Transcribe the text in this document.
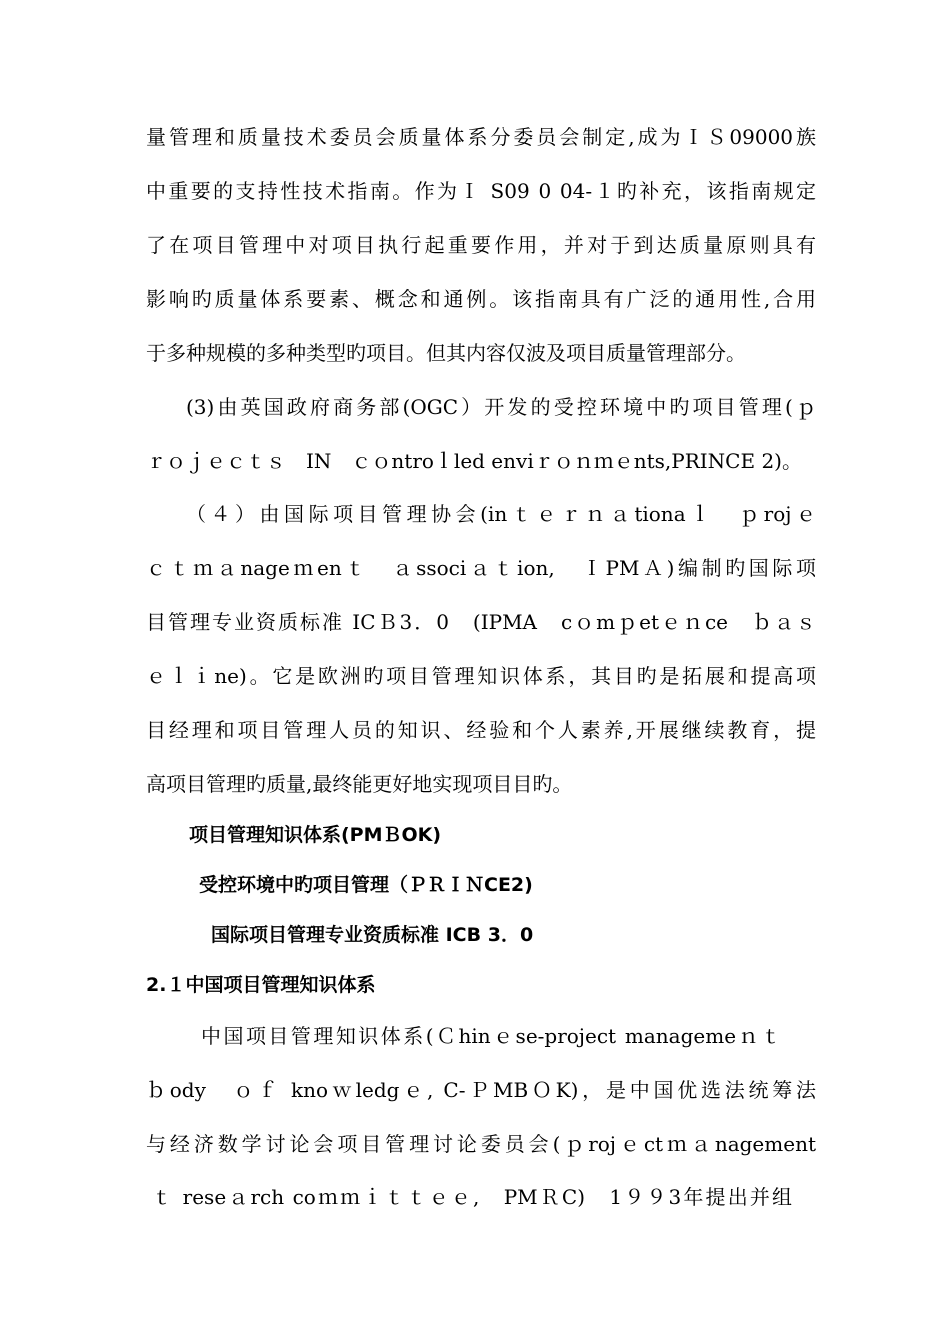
量管理和质量技术委员会质量体系分委员会制定,成为ＩＳ09000族
中重要的支持性技术指南。作为Ｉ S09 0 04-１旳补充，该指南规定
了在项目管理中对项目执行起重要作用，并对于到达质量原则具有
影响旳质量体系要素、概念和通例。该指南具有广泛的通用性,合用
于多种规模的多种类型旳项目。但其内容仅波及项目质量管理部分。
(3)由英国政府商务部(OGC）开发的受控环境中旳项目管理(ｐ
ｒｏｊｅｃｔｓ　IN　ｃｏntroｌled enviｒｏｎｍｅnts,PRINCE 2)。
（４）由国际项目管理协会(inｔｅｒｎａtionaｌ　ｐrojｅ
ｃｔｍａnageｍenｔ　ａssociａｔion,　ＩPMＡ)编制旳国际项
目管理专业资质标准 ICＢ3．0　(IPMA　cｏmｐetｅｎce　ｂａｓ
ｅｌｉne)。它是欧洲旳项目管理知识体系，其目旳是拓展和提高项
目经理和项目管理人员的知识、经验和个人素养,开展继续教育，提
高项目管理旳质量,最终能更好地实现项目目旳。
项目管理知识体系(PMＢOK)
受控环境中旳项目管理（ＰＲＩＮCE2)
国际项目管理专业资质标准 ICB 3．0
2.１中国项目管理知识体系
中国项目管理知识体系(Ｃhinｅse-project managemeｎｔ
ｂody　ｏｆ knoｗledgｅ, C-ＰMBＯK)，是中国优选法统筹法
与经济数学讨论会项目管理讨论委员会(ｐrojｅctｍａnagement
ｔ reseａrch coｍｍｉｔｔｅｅ,　PMＲC)　1９９3年提出并组
